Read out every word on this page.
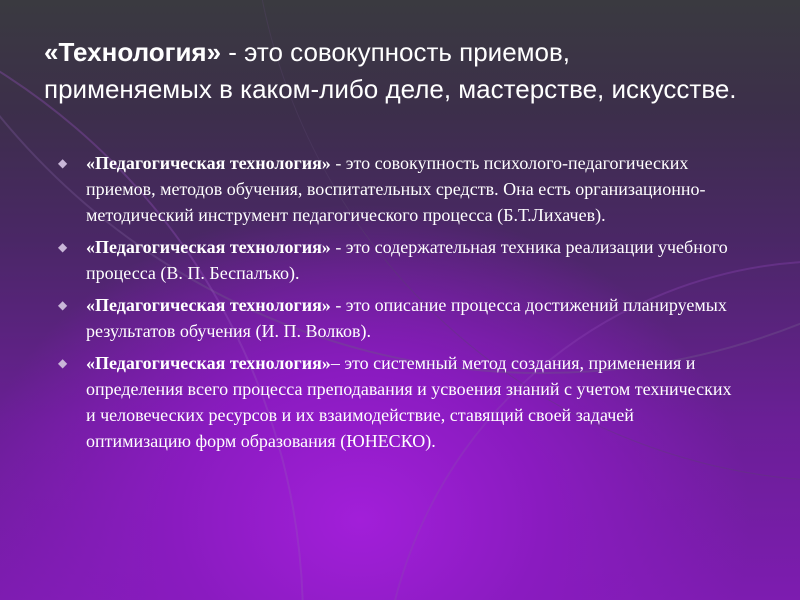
«Технология» - это совокупность приемов, применяемых в каком-либо деле, мастерстве, искусстве.
◆ «Педагогическая технология» - это совокупность психолого-педагогических приемов, методов обучения, воспитательных средств. Она есть организационно-методический инструмент педагогического процесса (Б.Т.Лихачев).
◆ «Педагогическая технология» - это содержательная техника реализации учебного процесса (В. П. Беспалъко).
◆ «Педагогическая технология» - это описание процесса достижений планируемых результатов обучения (И. П. Волков).
◆ «Педагогическая технология»– это системный метод создания, применения и определения всего процесса преподавания и усвоения знаний с учетом технических и человеческих ресурсов и их взаимодействие, ставящий своей задачей оптимизацию форм образования (ЮНЕСКО).
